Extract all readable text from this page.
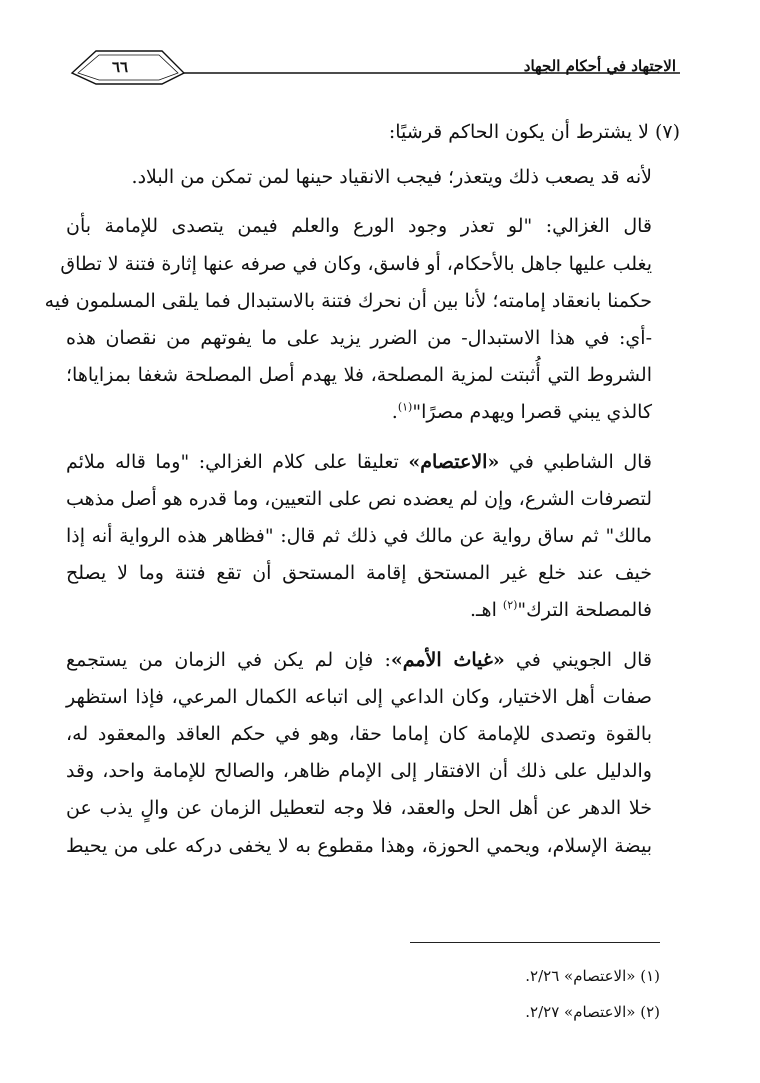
الاجتهاد في أحكام الجهاد
٦٦

(٧) لا يشترط أن يكون الحاكم قرشيًا:

لأنه قد يصعب ذلك ويتعذر؛ فيجب الانقياد حينها لمن تمكن من البلاد.

قال الغزالي: "لو تعذر وجود الورع والعلم فيمن يتصدى للإمامة بأن
يغلب عليها جاهل بالأحكام، أو فاسق، وكان في صرفه عنها إثارة فتنة لا تطاق
حكمنا بانعقاد إمامته؛ لأنا بين أن نحرك فتنة بالاستبدال فما يلقى المسلمون فيه
-أي: في هذا الاستبدال- من الضرر يزيد على ما يفوتهم من نقصان هذه
الشروط التي أُثبتت لمزية المصلحة، فلا يهدم أصل المصلحة شغفا بمزاياها؛
كالذي يبني قصرا ويهدم مصرًا"$^{(١)}$.

قال الشاطبي في «الاعتصام» تعليقا على كلام الغزالي: "وما قاله ملائم
لتصرفات الشرع، وإن لم يعضده نص على التعيين، وما قدره هو أصل مذهب
مالك" ثم ساق رواية عن مالك في ذلك ثم قال: "فظاهر هذه الرواية أنه إذا
خيف عند خلع غير المستحق إقامة المستحق أن تقع فتنة وما لا يصلح
فالمصلحة الترك"$^{(٢)}$ اهـ.

قال الجويني في «غياث الأمم»: فإن لم يكن في الزمان من يستجمع
صفات أهل الاختيار، وكان الداعي إلى اتباعه الكمال المرعي، فإذا استظهر
بالقوة وتصدى للإمامة كان إماما حقا، وهو في حكم العاقد والمعقود له،
والدليل على ذلك أن الافتقار إلى الإمام ظاهر، والصالح للإمامة واحد، وقد
خلا الدهر عن أهل الحل والعقد، فلا وجه لتعطيل الزمان عن والٍ يذب عن
بيضة الإسلام، ويحمي الحوزة، وهذا مقطوع به لا يخفى دركه على من يحيط

(١) «الاعتصام» ٢/٢٦.

(٢) «الاعتصام» ٢/٢٧.
